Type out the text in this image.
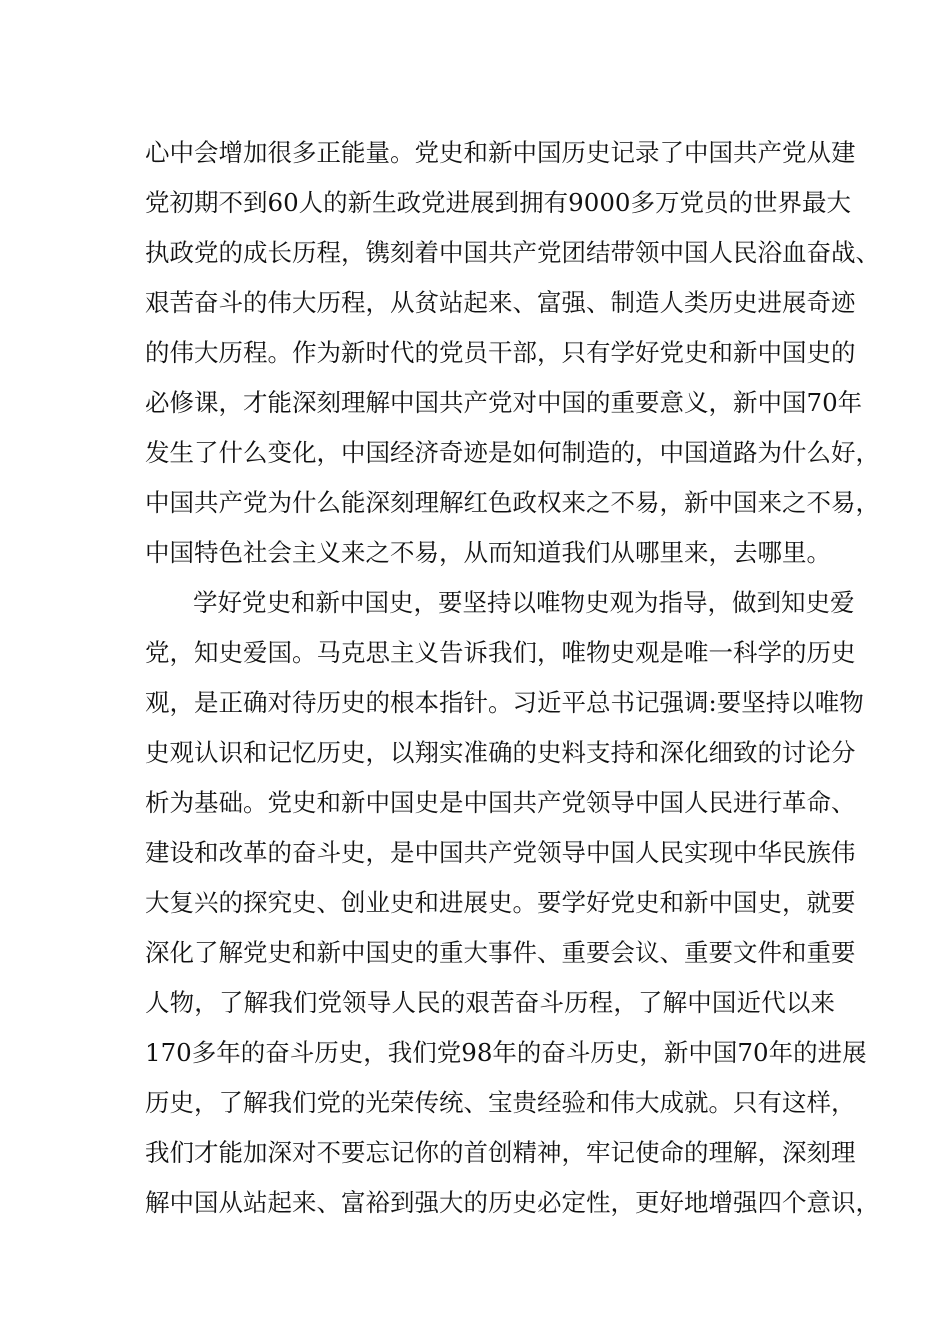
心中会增加很多正能量。党史和新中国历史记录了中国共产党从建
党初期不到60人的新生政党进展到拥有9000多万党员的世界最大
执政党的成长历程，镌刻着中国共产党团结带领中国人民浴血奋战、
艰苦奋斗的伟大历程，从贫站起来、富强、制造人类历史进展奇迹
的伟大历程。作为新时代的党员干部，只有学好党史和新中国史的
必修课，才能深刻理解中国共产党对中国的重要意义，新中国70年
发生了什么变化，中国经济奇迹是如何制造的，中国道路为什么好，
中国共产党为什么能深刻理解红色政权来之不易，新中国来之不易，
中国特色社会主义来之不易，从而知道我们从哪里来，去哪里。
学好党史和新中国史，要坚持以唯物史观为指导，做到知史爱
党，知史爱国。马克思主义告诉我们，唯物史观是唯一科学的历史
观，是正确对待历史的根本指针。习近平总书记强调:要坚持以唯物
史观认识和记忆历史，以翔实准确的史料支持和深化细致的讨论分
析为基础。党史和新中国史是中国共产党领导中国人民进行革命、
建设和改革的奋斗史，是中国共产党领导中国人民实现中华民族伟
大复兴的探究史、创业史和进展史。要学好党史和新中国史，就要
深化了解党史和新中国史的重大事件、重要会议、重要文件和重要
人物，了解我们党领导人民的艰苦奋斗历程，了解中国近代以来
170多年的奋斗历史，我们党98年的奋斗历史，新中国70年的进展
历史，了解我们党的光荣传统、宝贵经验和伟大成就。只有这样，
我们才能加深对不要忘记你的首创精神，牢记使命的理解，深刻理
解中国从站起来、富裕到强大的历史必定性，更好地增强四个意识，
